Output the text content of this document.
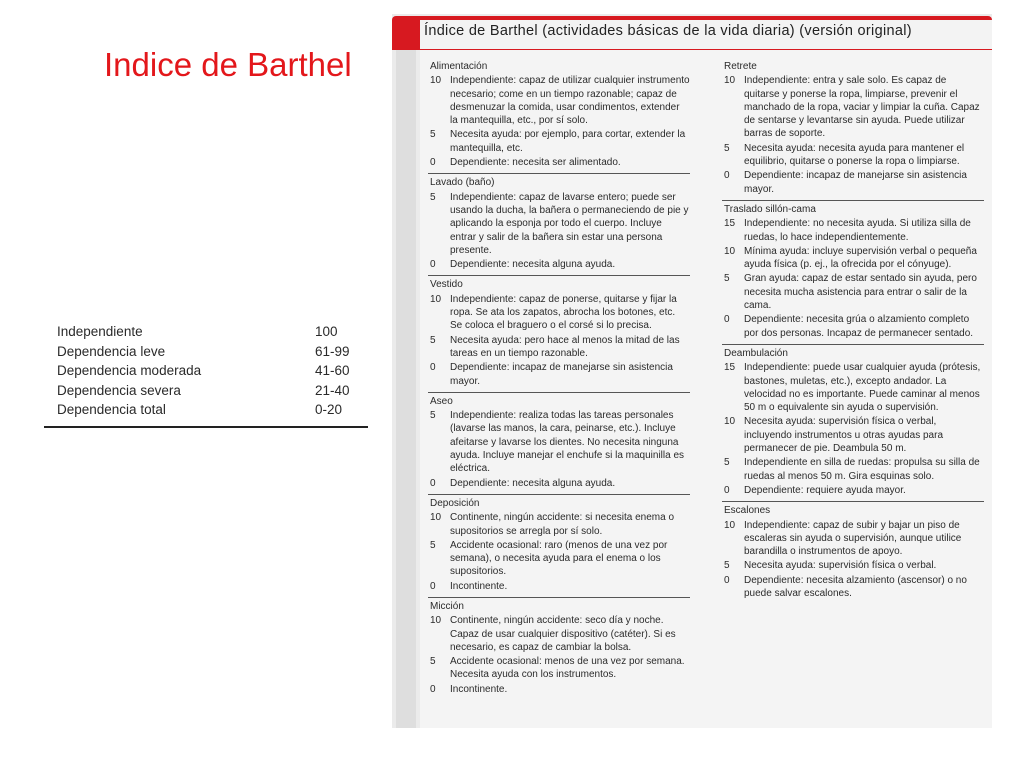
Indice de Barthel
Independiente	100
Dependencia leve	61-99
Dependencia moderada	41-60
Dependencia severa	21-40
Dependencia total	0-20
Índice de Barthel (actividades básicas de la vida diaria) (versión original)
Alimentación
10 Independiente: capaz de utilizar cualquier instrumento necesario; come en un tiempo razonable; capaz de desmenuzar la comida, usar condimentos, extender la mantequilla, etc., por sí solo.
5	Necesita ayuda: por ejemplo, para cortar, extender la mantequilla, etc.
0	Dependiente: necesita ser alimentado.
Lavado (baño)
5	Independiente: capaz de lavarse entero; puede ser usando la ducha, la bañera o permaneciendo de pie y aplicando la esponja por todo el cuerpo. Incluye entrar y salir de la bañera sin estar una persona presente.
0	Dependiente: necesita alguna ayuda.
Vestido
10 Independiente: capaz de ponerse, quitarse y fijar la ropa. Se ata los zapatos, abrocha los botones, etc. Se coloca el braguero o el corsé si lo precisa.
5	Necesita ayuda: pero hace al menos la mitad de las tareas en un tiempo razonable.
0	Dependiente: incapaz de manejarse sin asistencia mayor.
Aseo
5	Independiente: realiza todas las tareas personales (lavarse las manos, la cara, peinarse, etc.). Incluye afeitarse y lavarse los dientes. No necesita ninguna ayuda. Incluye manejar el enchufe si la maquinilla es eléctrica.
0	Dependiente: necesita alguna ayuda.
Deposición
10 Continente, ningún accidente: si necesita enema o supositorios se arregla por sí solo.
5	Accidente ocasional: raro (menos de una vez por semana), o necesita ayuda para el enema o los supositorios.
0	Incontinente.
Micción
10 Continente, ningún accidente: seco día y noche. Capaz de usar cualquier dispositivo (catéter). Si es necesario, es capaz de cambiar la bolsa.
5	Accidente ocasional: menos de una vez por semana. Necesita ayuda con los instrumentos.
0	Incontinente.
Retrete
10 Independiente: entra y sale solo. Es capaz de quitarse y ponerse la ropa, limpiarse, prevenir el manchado de la ropa, vaciar y limpiar la cuña. Capaz de sentarse y levantarse sin ayuda. Puede utilizar barras de soporte.
5	Necesita ayuda: necesita ayuda para mantener el equilibrio, quitarse o ponerse la ropa o limpiarse.
0	Dependiente: incapaz de manejarse sin asistencia mayor.
Traslado sillón-cama
15 Independiente: no necesita ayuda. Si utiliza silla de ruedas, lo hace independientemente.
10 Mínima ayuda: incluye supervisión verbal o pequeña ayuda física (p. ej., la ofrecida por el cónyuge).
5	Gran ayuda: capaz de estar sentado sin ayuda, pero necesita mucha asistencia para entrar o salir de la cama.
0	Dependiente: necesita grúa o alzamiento completo por dos personas. Incapaz de permanecer sentado.
Deambulación
15 Independiente: puede usar cualquier ayuda (prótesis, bastones, muletas, etc.), excepto andador. La velocidad no es importante. Puede caminar al menos 50 m o equivalente sin ayuda o supervisión.
10 Necesita ayuda: supervisión física o verbal, incluyendo instrumentos u otras ayudas para permanecer de pie. Deambula 50 m.
5	Independiente en silla de ruedas: propulsa su silla de ruedas al menos 50 m. Gira esquinas solo.
0	Dependiente: requiere ayuda mayor.
Escalones
10 Independiente: capaz de subir y bajar un piso de escaleras sin ayuda o supervisión, aunque utilice barandilla o instrumentos de apoyo.
5	Necesita ayuda: supervisión física o verbal.
0	Dependiente: necesita alzamiento (ascensor) o no puede salvar escalones.
